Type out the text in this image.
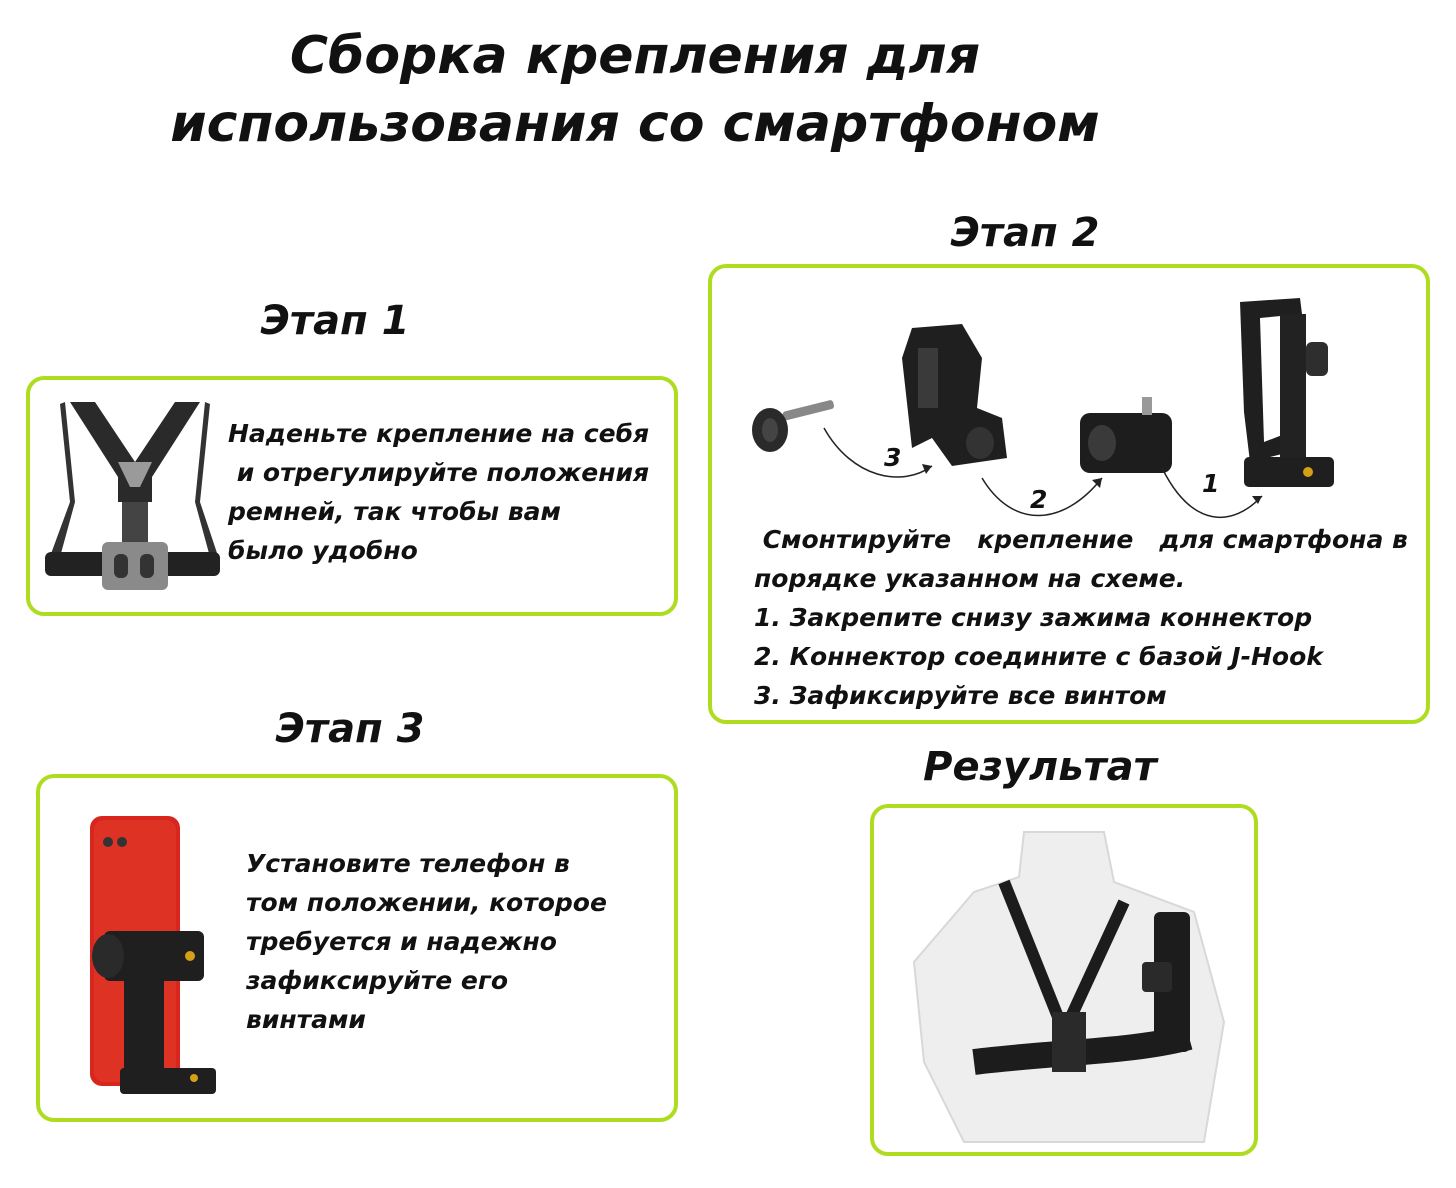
Сборка крепления для
использования со смартфоном
Этап 1
Наденьте крепление на себя
и отрегулируйте положения
ремней, так чтобы вам
было удобно
Этап 2
3
2
1
Смонтируйте   крепление   для смартфона в
порядке указанном на схеме.
1. Закрепите снизу зажима коннектор
2. Коннектор соедините с базой J-Hook
3. Зафиксируйте все винтом
Этап 3
Установите телефон в
том положении, которое
требуется и надежно
зафиксируйте его
винтами
Результат
